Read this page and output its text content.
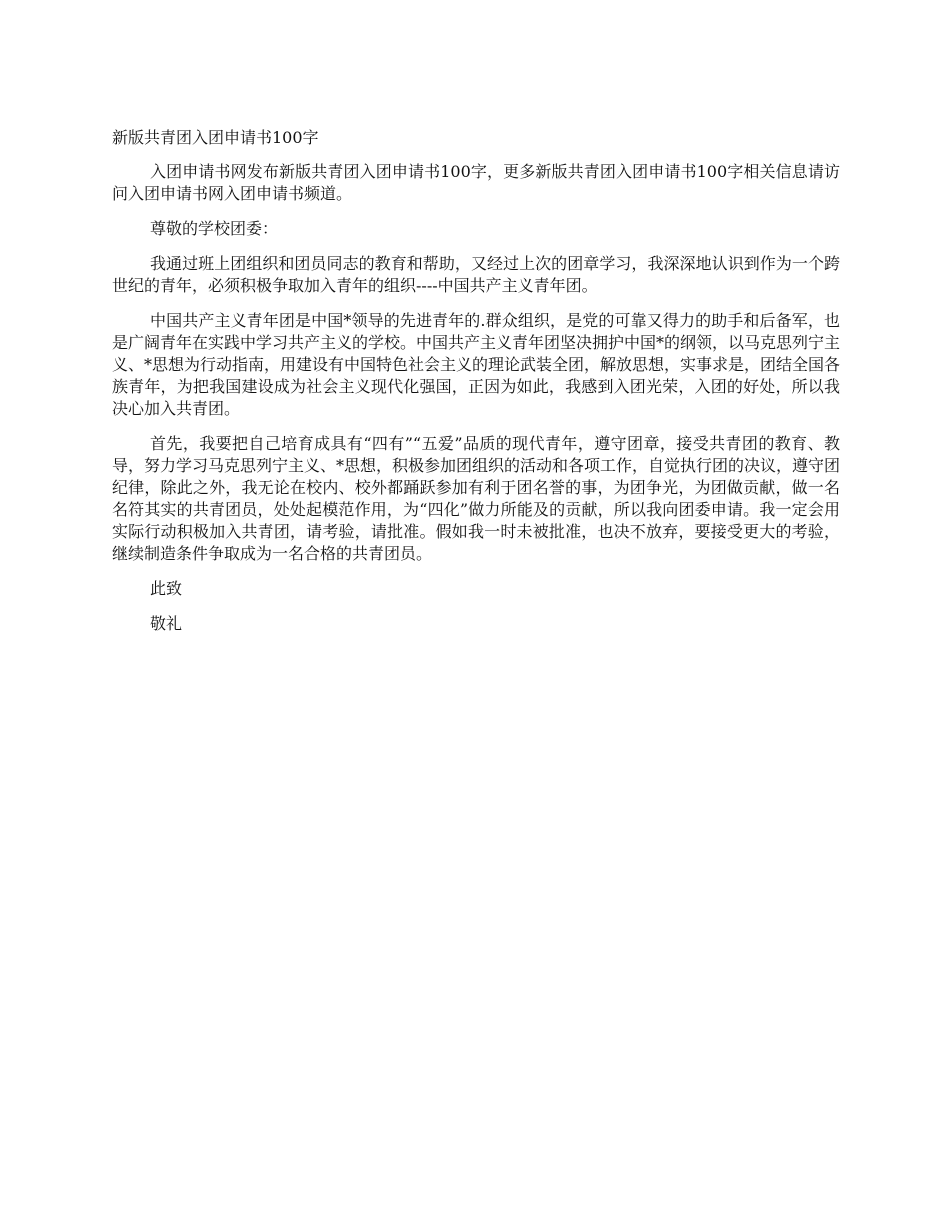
新版共青团入团申请书100字

入团申请书网发布新版共青团入团申请书100字，更多新版共青团入团申请书100字相关信息请访问入团申请书网入团申请书频道。

尊敬的学校团委：

我通过班上团组织和团员同志的教育和帮助，又经过上次的团章学习，我深深地认识到作为一个跨世纪的青年，必须积极争取加入青年的组织----中国共产主义青年团。

中国共产主义青年团是中国*领导的先进青年的.群众组织，是党的可靠又得力的助手和后备军，也是广阔青年在实践中学习共产主义的学校。中国共产主义青年团坚决拥护中国*的纲领，以马克思列宁主义、*思想为行动指南，用建设有中国特色社会主义的理论武装全团，解放思想，实事求是，团结全国各族青年，为把我国建设成为社会主义现代化强国，正因为如此，我感到入团光荣，入团的好处，所以我决心加入共青团。

首先，我要把自己培育成具有“四有”“五爱”品质的现代青年，遵守团章，接受共青团的教育、教导，努力学习马克思列宁主义、*思想，积极参加团组织的活动和各项工作，自觉执行团的决议，遵守团纪律，除此之外，我无论在校内、校外都踊跃参加有利于团名誉的事，为团争光，为团做贡献，做一名名符其实的共青团员，处处起模范作用，为“四化”做力所能及的贡献，所以我向团委申请。我一定会用实际行动积极加入共青团，请考验，请批准。假如我一时未被批准，也决不放弃，要接受更大的考验，继续制造条件争取成为一名合格的共青团员。

此致

敬礼
